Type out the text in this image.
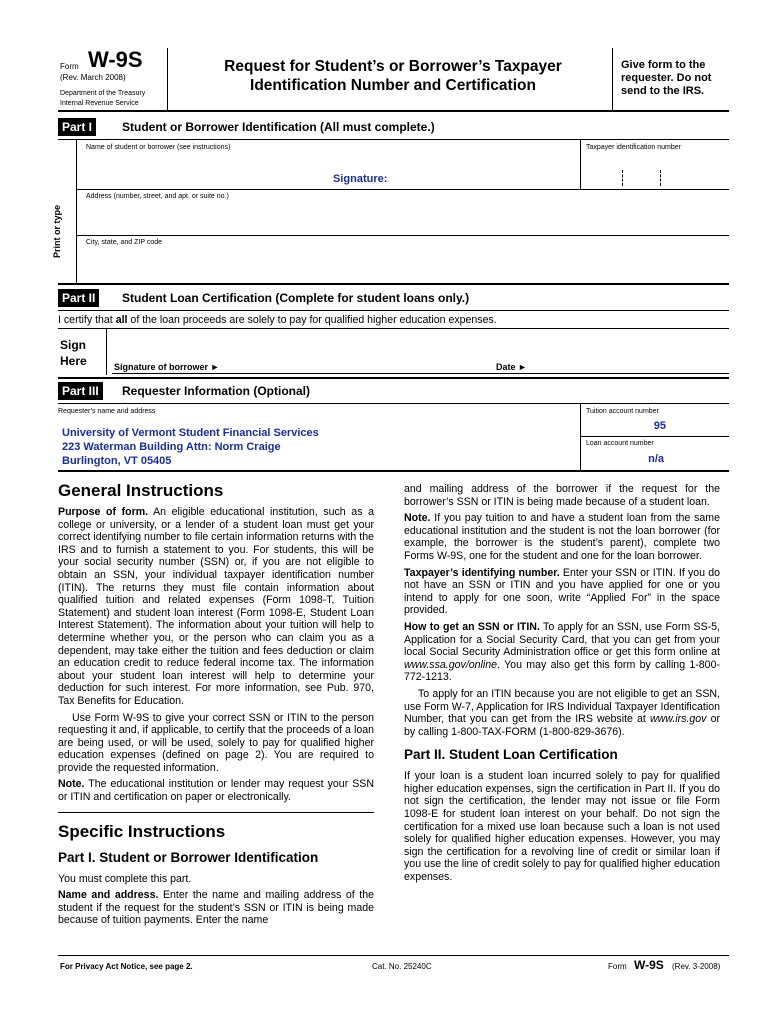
Form W-9S
(Rev. March 2008)
Department of the Treasury
Internal Revenue Service
Request for Student’s or Borrower’s Taxpayer
Identification Number and Certification
Give form to the
requester. Do not
send to the IRS.
Part I	Student or Borrower Identification (All must complete.)
Print or type
Name of student or borrower (see instructions)	Taxpayer identification number
Signature:
Address (number, street, and apt. or suite no.)
City, state, and ZIP code
Part II	Student Loan Certification (Complete for student loans only.)
I certify that all of the loan proceeds are solely to pay for qualified higher education expenses.
Sign
Here	Signature of borrower ►	Date ►
Part III	Requester Information (Optional)
Requester’s name and address
University of Vermont Student Financial Services
223 Waterman Building Attn: Norm Craige
Burlington, VT 05405
Tuition account number
95
Loan account number
n/a
General Instructions

Purpose of form. An eligible educational institution, such as a college or university, or a lender of a student loan must get your correct identifying number to file certain information returns with the IRS and to furnish a statement to you. For students, this will be your social security number (SSN) or, if you are not eligible to obtain an SSN, your individual taxpayer identification number (ITIN). The returns they must file contain information about qualified tuition and related expenses (Form 1098-T, Tuition Statement) and student loan interest (Form 1098-E, Student Loan Interest Statement). The information about your tuition will help to determine whether you, or the person who can claim you as a dependent, may take either the tuition and fees deduction or claim an education credit to reduce federal income tax. The information about your student loan interest will help to determine your deduction for such interest. For more information, see Pub. 970, Tax Benefits for Education.

Use Form W-9S to give your correct SSN or ITIN to the person requesting it and, if applicable, to certify that the proceeds of a loan are being used, or will be used, solely to pay for qualified higher education expenses (defined on page 2). You are required to provide the requested information.

Note. The educational institution or lender may request your SSN or ITIN and certification on paper or electronically.

Specific Instructions
Part I. Student or Borrower Identification

You must complete this part.

Name and address. Enter the name and mailing address of the student if the request for the student’s SSN or ITIN is being made because of tuition payments. Enter the name

and mailing address of the borrower if the request for the borrower’s SSN or ITIN is being made because of a student loan.

Note. If you pay tuition to and have a student loan from the same educational institution and the student is not the loan borrower (for example, the borrower is the student’s parent), complete two Forms W-9S, one for the student and one for the loan borrower.

Taxpayer’s identifying number. Enter your SSN or ITIN. If you do not have an SSN or ITIN and you have applied for one or you intend to apply for one soon, write “Applied For” in the space provided.

How to get an SSN or ITIN. To apply for an SSN, use Form SS-5, Application for a Social Security Card, that you can get from your local Social Security Administration office or get this form online at www.ssa.gov/online. You may also get this form by calling 1-800-772-1213.

To apply for an ITIN because you are not eligible to get an SSN, use Form W-7, Application for IRS Individual Taxpayer Identification Number, that you can get from the IRS website at www.irs.gov or by calling 1-800-TAX-FORM (1-800-829-3676).

Part II. Student Loan Certification

If your loan is a student loan incurred solely to pay for qualified higher education expenses, sign the certification in Part II. If you do not sign the certification, the lender may not issue or file Form 1098-E for student loan interest on your behalf. Do not sign the certification for a mixed use loan because such a loan is not used solely for qualified higher education expenses. However, you may sign the certification for a revolving line of credit or similar loan if you use the line of credit solely to pay for qualified higher education expenses.

For Privacy Act Notice, see page 2.	Cat. No. 25240C	Form W-9S (Rev. 3-2008)
